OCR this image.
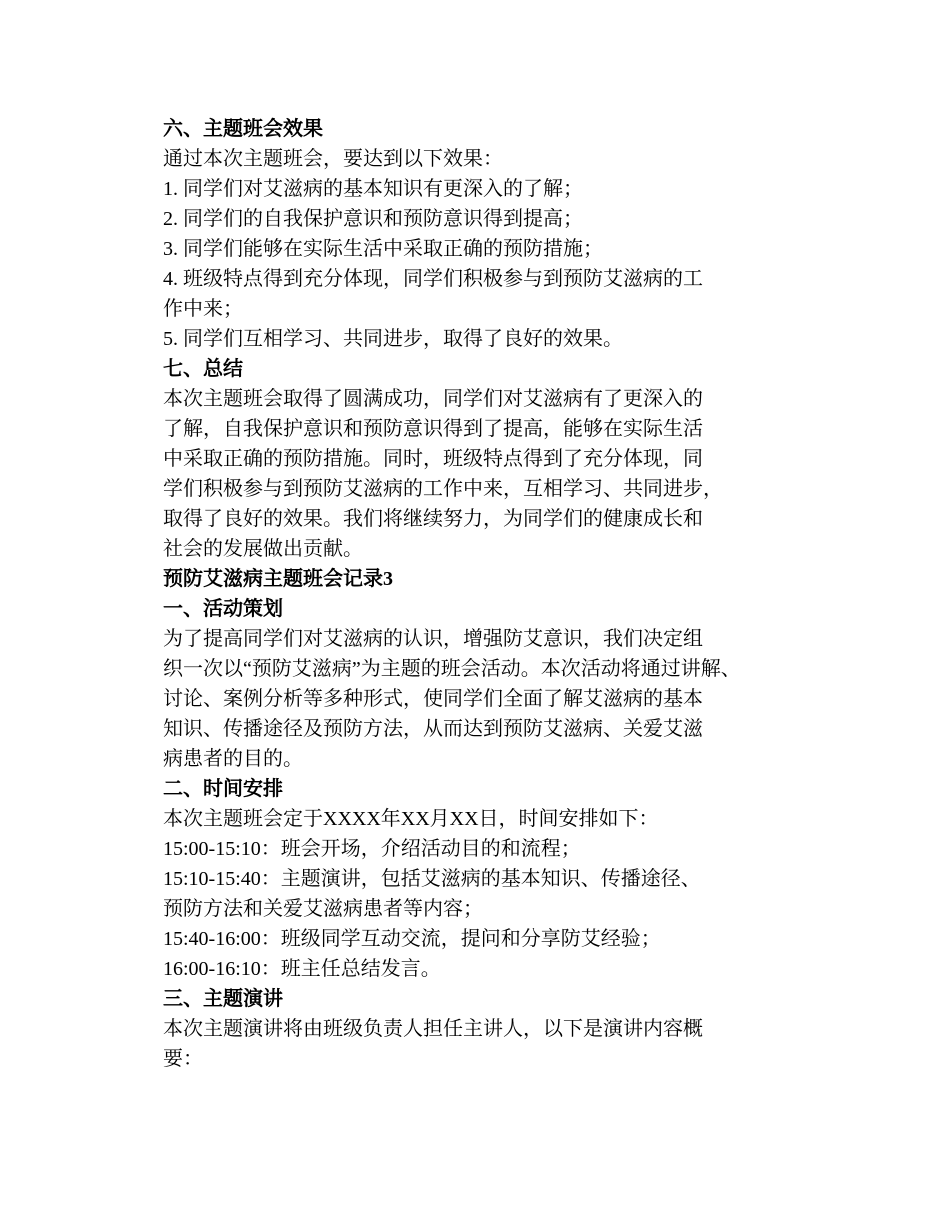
六、主题班会效果
通过本次主题班会，要达到以下效果：
1. 同学们对艾滋病的基本知识有更深入的了解；
2. 同学们的自我保护意识和预防意识得到提高；
3. 同学们能够在实际生活中采取正确的预防措施；
4. 班级特点得到充分体现，同学们积极参与到预防艾滋病的工
作中来；
5. 同学们互相学习、共同进步，取得了良好的效果。
七、总结
本次主题班会取得了圆满成功，同学们对艾滋病有了更深入的
了解，自我保护意识和预防意识得到了提高，能够在实际生活
中采取正确的预防措施。同时，班级特点得到了充分体现，同
学们积极参与到预防艾滋病的工作中来，互相学习、共同进步，
取得了良好的效果。我们将继续努力，为同学们的健康成长和
社会的发展做出贡献。
预防艾滋病主题班会记录3
一、活动策划
为了提高同学们对艾滋病的认识，增强防艾意识，我们决定组
织一次以“预防艾滋病”为主题的班会活动。本次活动将通过讲解、
讨论、案例分析等多种形式，使同学们全面了解艾滋病的基本
知识、传播途径及预防方法，从而达到预防艾滋病、关爱艾滋
病患者的目的。
二、时间安排
本次主题班会定于XXXX年XX月XX日，时间安排如下：
15:00-15:10：班会开场，介绍活动目的和流程；
15:10-15:40：主题演讲，包括艾滋病的基本知识、传播途径、
预防方法和关爱艾滋病患者等内容；
15:40-16:00：班级同学互动交流，提问和分享防艾经验；
16:00-16:10：班主任总结发言。
三、主题演讲
本次主题演讲将由班级负责人担任主讲人，以下是演讲内容概
要：
